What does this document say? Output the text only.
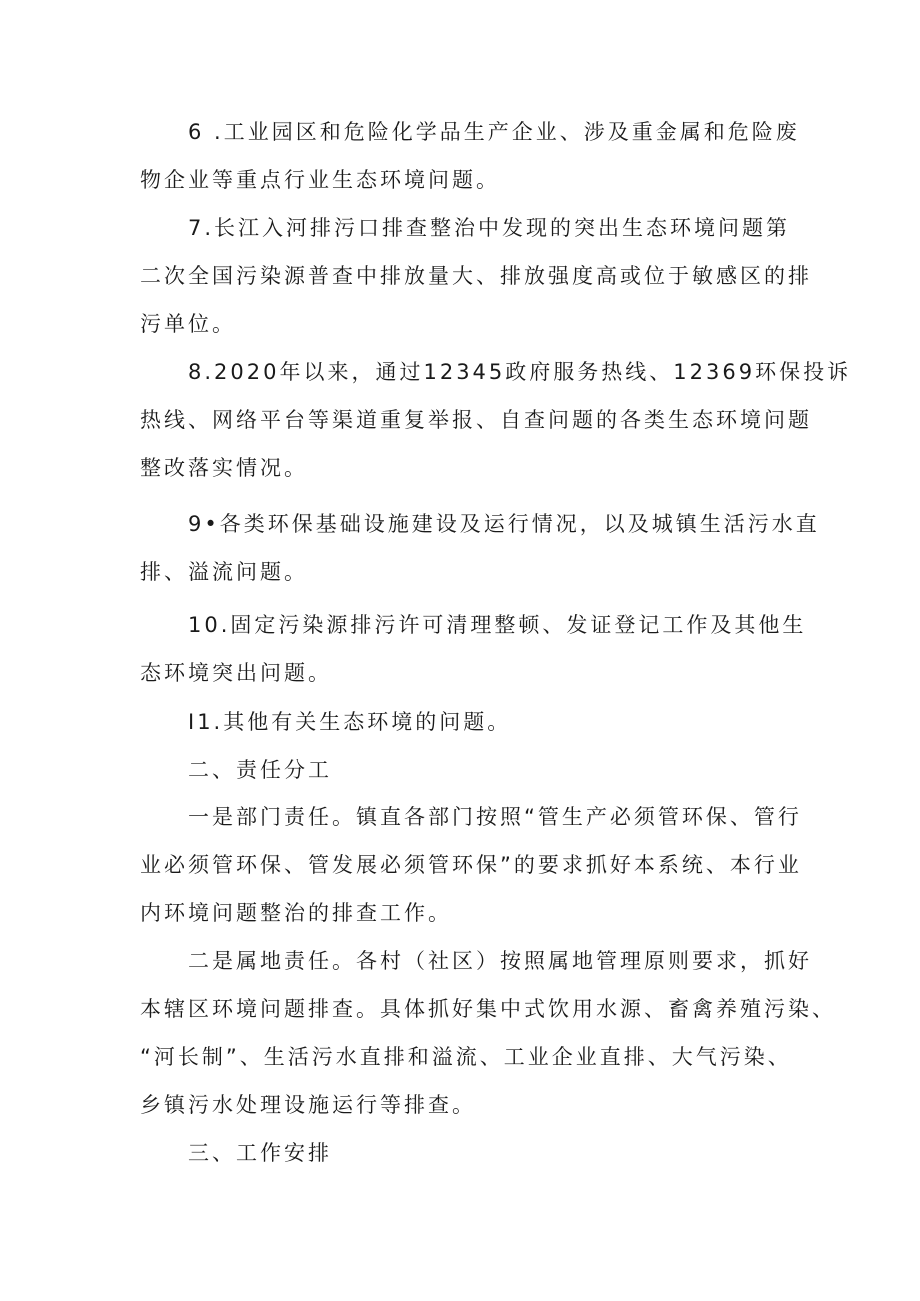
6 .工业园区和危险化学品生产企业、涉及重金属和危险废
物企业等重点行业生态环境问题。
7.长江入河排污口排查整治中发现的突出生态环境问题第
二次全国污染源普查中排放量大、排放强度高或位于敏感区的排
污单位。
8.2020年以来，通过12345政府服务热线、12369环保投诉
热线、网络平台等渠道重复举报、自查问题的各类生态环境问题
整改落实情况。
9•各类环保基础设施建设及运行情况，以及城镇生活污水直
排、溢流问题。
10.固定污染源排污许可清理整顿、发证登记工作及其他生
态环境突出问题。
I1.其他有关生态环境的问题。
二、责任分工
一是部门责任。镇直各部门按照“管生产必须管环保、管行
业必须管环保、管发展必须管环保”的要求抓好本系统、本行业
内环境问题整治的排查工作。
二是属地责任。各村（社区）按照属地管理原则要求，抓好
本辖区环境问题排查。具体抓好集中式饮用水源、畜禽养殖污染、
“河长制”、生活污水直排和溢流、工业企业直排、大气污染、
乡镇污水处理设施运行等排查。
三、工作安排
